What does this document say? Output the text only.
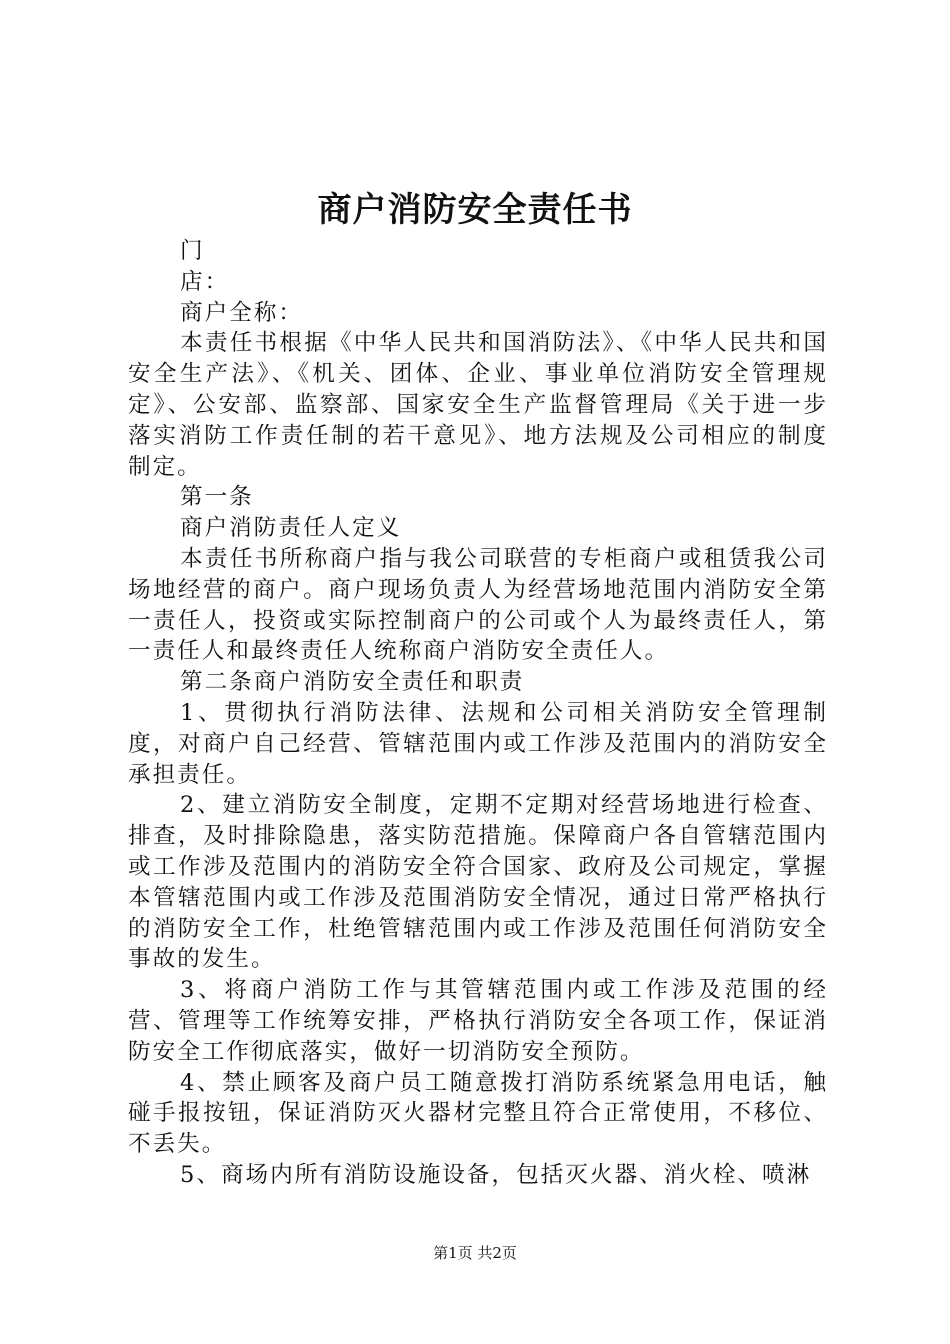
商户消防安全责任书

门

店：

商户全称：

本责任书根据《中华人民共和国消防法》、《中华人民共和国安全生产法》、《机关、团体、企业、事业单位消防安全管理规定》、公安部、监察部、国家安全生产监督管理局《关于进一步落实消防工作责任制的若干意见》、地方法规及公司相应的制度制定。

第一条

商户消防责任人定义

本责任书所称商户指与我公司联营的专柜商户或租赁我公司场地经营的商户。商户现场负责人为经营场地范围内消防安全第一责任人，投资或实际控制商户的公司或个人为最终责任人，第一责任人和最终责任人统称商户消防安全责任人。

第二条商户消防安全责任和职责

1、贯彻执行消防法律、法规和公司相关消防安全管理制度，对商户自己经营、管辖范围内或工作涉及范围内的消防安全承担责任。

2、建立消防安全制度，定期不定期对经营场地进行检查、排查，及时排除隐患，落实防范措施。保障商户各自管辖范围内或工作涉及范围内的消防安全符合国家、政府及公司规定，掌握本管辖范围内或工作涉及范围消防安全情况，通过日常严格执行的消防安全工作，杜绝管辖范围内或工作涉及范围任何消防安全事故的发生。

3、将商户消防工作与其管辖范围内或工作涉及范围的经营、管理等工作统筹安排，严格执行消防安全各项工作，保证消防安全工作彻底落实，做好一切消防安全预防。

4、禁止顾客及商户员工随意拨打消防系统紧急用电话，触碰手报按钮，保证消防灭火器材完整且符合正常使用，不移位、不丢失。

5、商场内所有消防设施设备，包括灭火器、消火栓、喷淋

第1页 共2页
